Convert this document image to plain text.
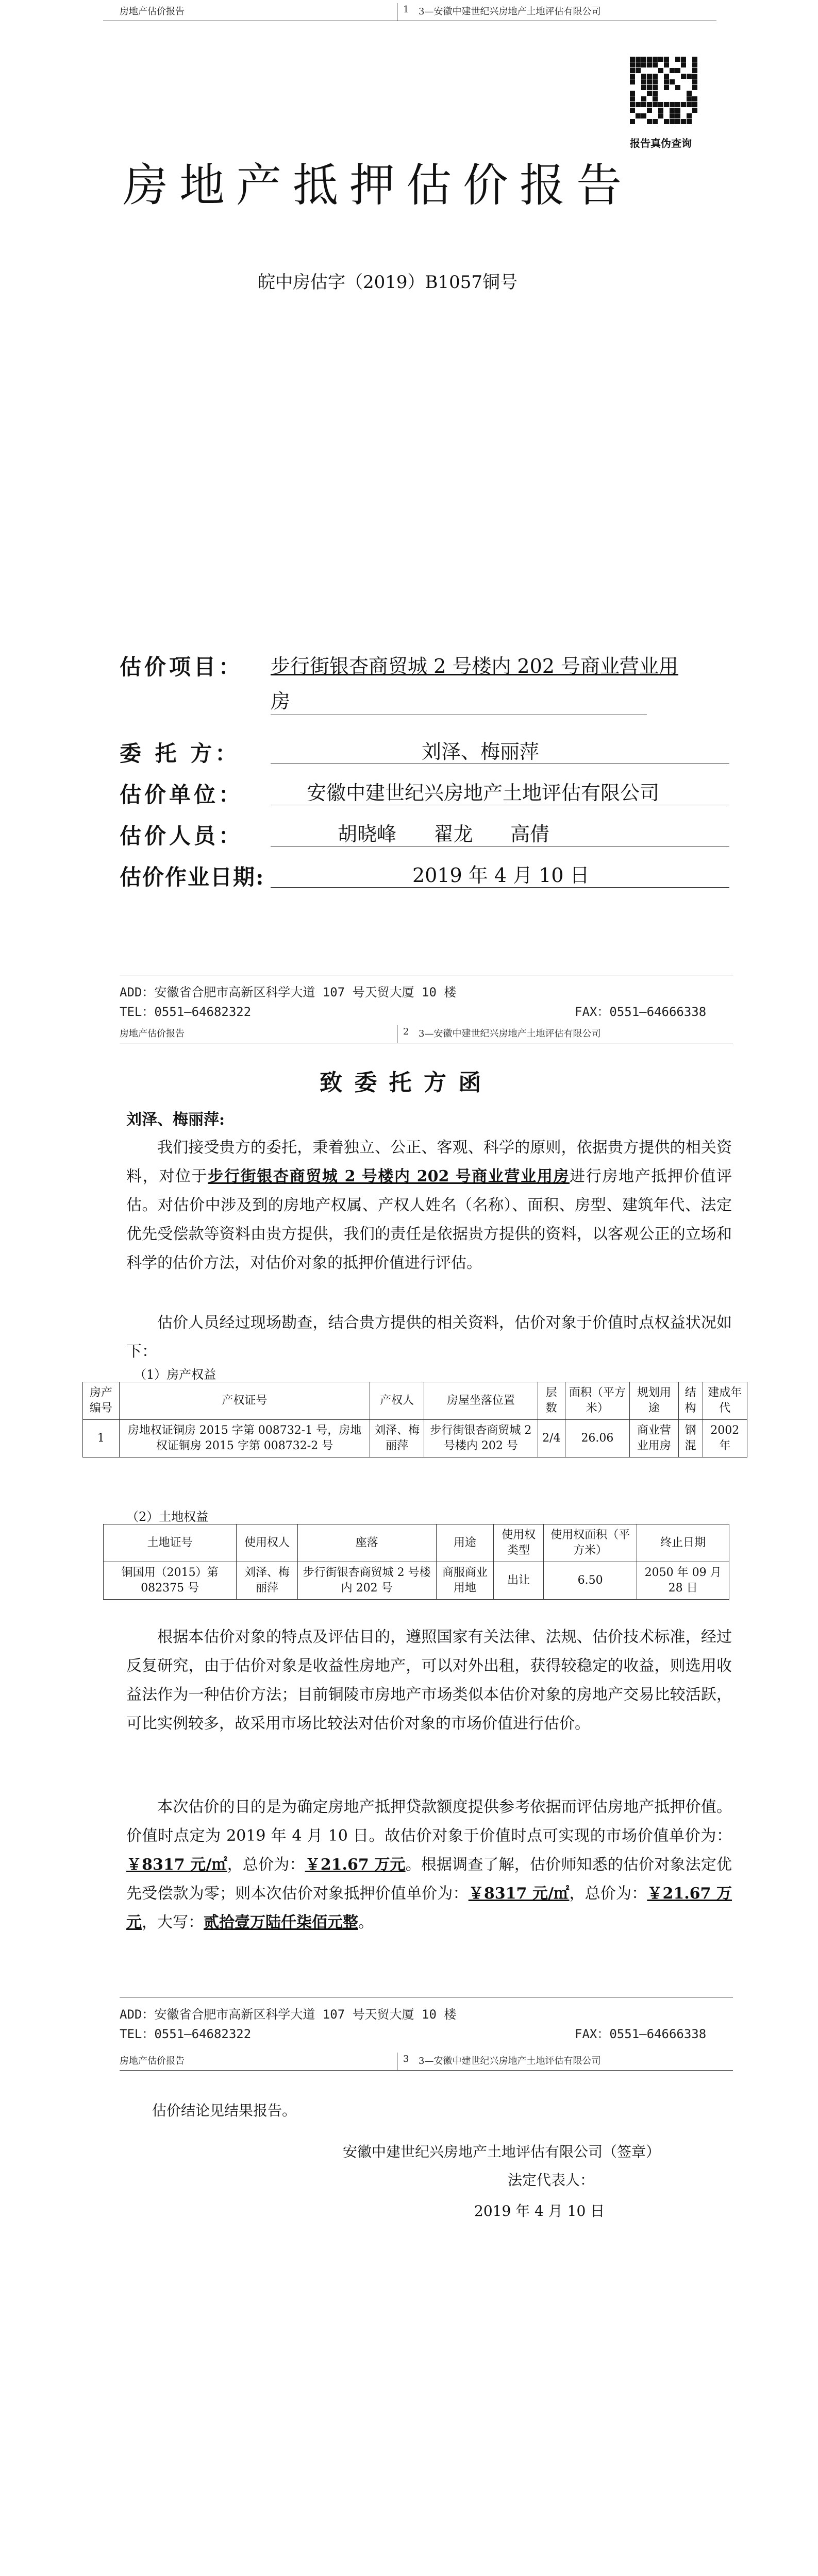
房地产估价报告	1 3—安徽中建世纪兴房地产土地评估有限公司
报告真伪查询
房地产抵押估价报告
皖中房估字（2019）B1057铜号
估价项目： 步行街银杏商贸城 2 号楼内 202 号商业营业用
房
委 托 方：	刘泽、梅丽萍
估价单位：	安徽中建世纪兴房地产土地评估有限公司
估价人员：	胡晓峰      翟龙      高倩
估价作业日期:	2019 年 4 月 10 日
ADD：安徽省合肥市高新区科学大道 107 号天贸大厦 10 楼
TEL：0551—64682322	FAX：0551—64666338
房地产估价报告	2 3—安徽中建世纪兴房地产土地评估有限公司
致 委 托 方 函
刘泽、梅丽萍:
我们接受贵方的委托，秉着独立、公正、客观、科学的原则，依据贵方提供的相关资料，对位于步行街银杏商贸城 2 号楼内 202 号商业营业用房进行房地产抵押价值评估。对估价中涉及到的房地产权属、产权人姓名（名称）、面积、房型、建筑年代、法定优先受偿款等资料由贵方提供，我们的责任是依据贵方提供的资料，以客观公正的立场和科学的估价方法，对估价对象的抵押价值进行评估。
估价人员经过现场勘查，结合贵方提供的相关资料，估价对象于价值时点权益状况如下：
（1）房产权益
房产编号	产权证号	产权人	房屋坐落位置	层数	面积（平方米）	规划用途	结构	建成年代
1	房地权证铜房 2015 字第 008732-1 号，房地权证铜房 2015 字第 008732-2 号	刘泽、梅丽萍	步行街银杏商贸城 2 号楼内 202 号	2/4	26.06	商业营业用房	钢混	2002 年
（2）土地权益
土地证号	使用权人	座落	用途	使用权类型	使用权面积（平方米）	终止日期
铜国用（2015）第 082375 号	刘泽、梅丽萍	步行街银杏商贸城 2 号楼内 202 号	商服商业用地	出让	6.50	2050 年 09 月 28 日
根据本估价对象的特点及评估目的，遵照国家有关法律、法规、估价技术标准，经过反复研究，由于估价对象是收益性房地产，可以对外出租，获得较稳定的收益，则选用收益法作为一种估价方法；目前铜陵市房地产市场类似本估价对象的房地产交易比较活跃，可比实例较多，故采用市场比较法对估价对象的市场价值进行估价。
本次估价的目的是为确定房地产抵押贷款额度提供参考依据而评估房地产抵押价值。价值时点定为 2019 年 4 月 10 日。故估价对象于价值时点可实现的市场价值单价为：￥8317 元/㎡，总价为：￥21.67 万元。根据调查了解，估价师知悉的估价对象法定优先受偿款为零；则本次估价对象抵押价值单价为：￥8317 元/㎡，总价为：￥21.67 万元，大写：贰拾壹万陆仟柒佰元整。
ADD：安徽省合肥市高新区科学大道 107 号天贸大厦 10 楼
TEL：0551—64682322	FAX：0551—64666338
房地产估价报告	3 3—安徽中建世纪兴房地产土地评估有限公司
估价结论见结果报告。
安徽中建世纪兴房地产土地评估有限公司（签章）
法定代表人：
2019 年 4 月 10 日
